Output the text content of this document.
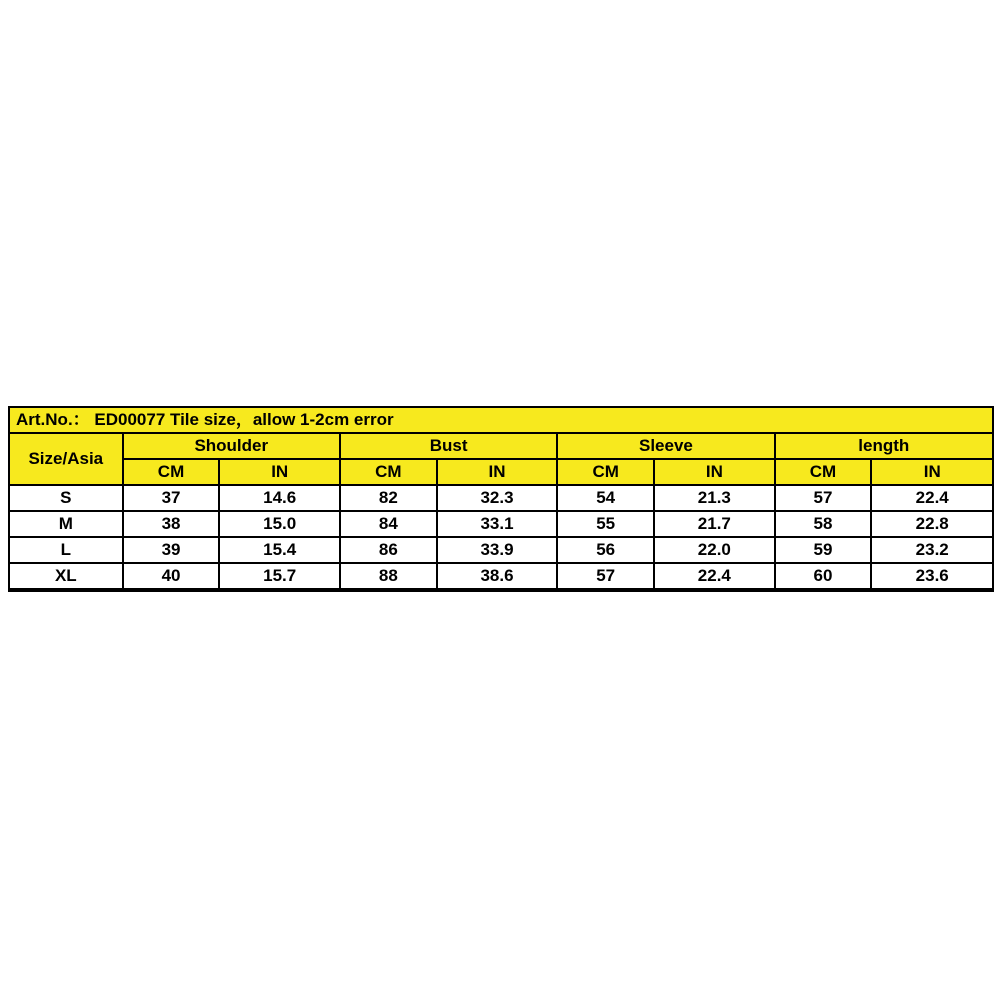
Art.No.： ED00077 Tile size，allow 1-2cm error								
Size/Asia	Shoulder		Bust		Sleeve		length	
	CM	IN	CM	IN	CM	IN	CM	IN
S	37	14.6	82	32.3	54	21.3	57	22.4
M	38	15.0	84	33.1	55	21.7	58	22.8
L	39	15.4	86	33.9	56	22.0	59	23.2
XL	40	15.7	88	38.6	57	22.4	60	23.6
